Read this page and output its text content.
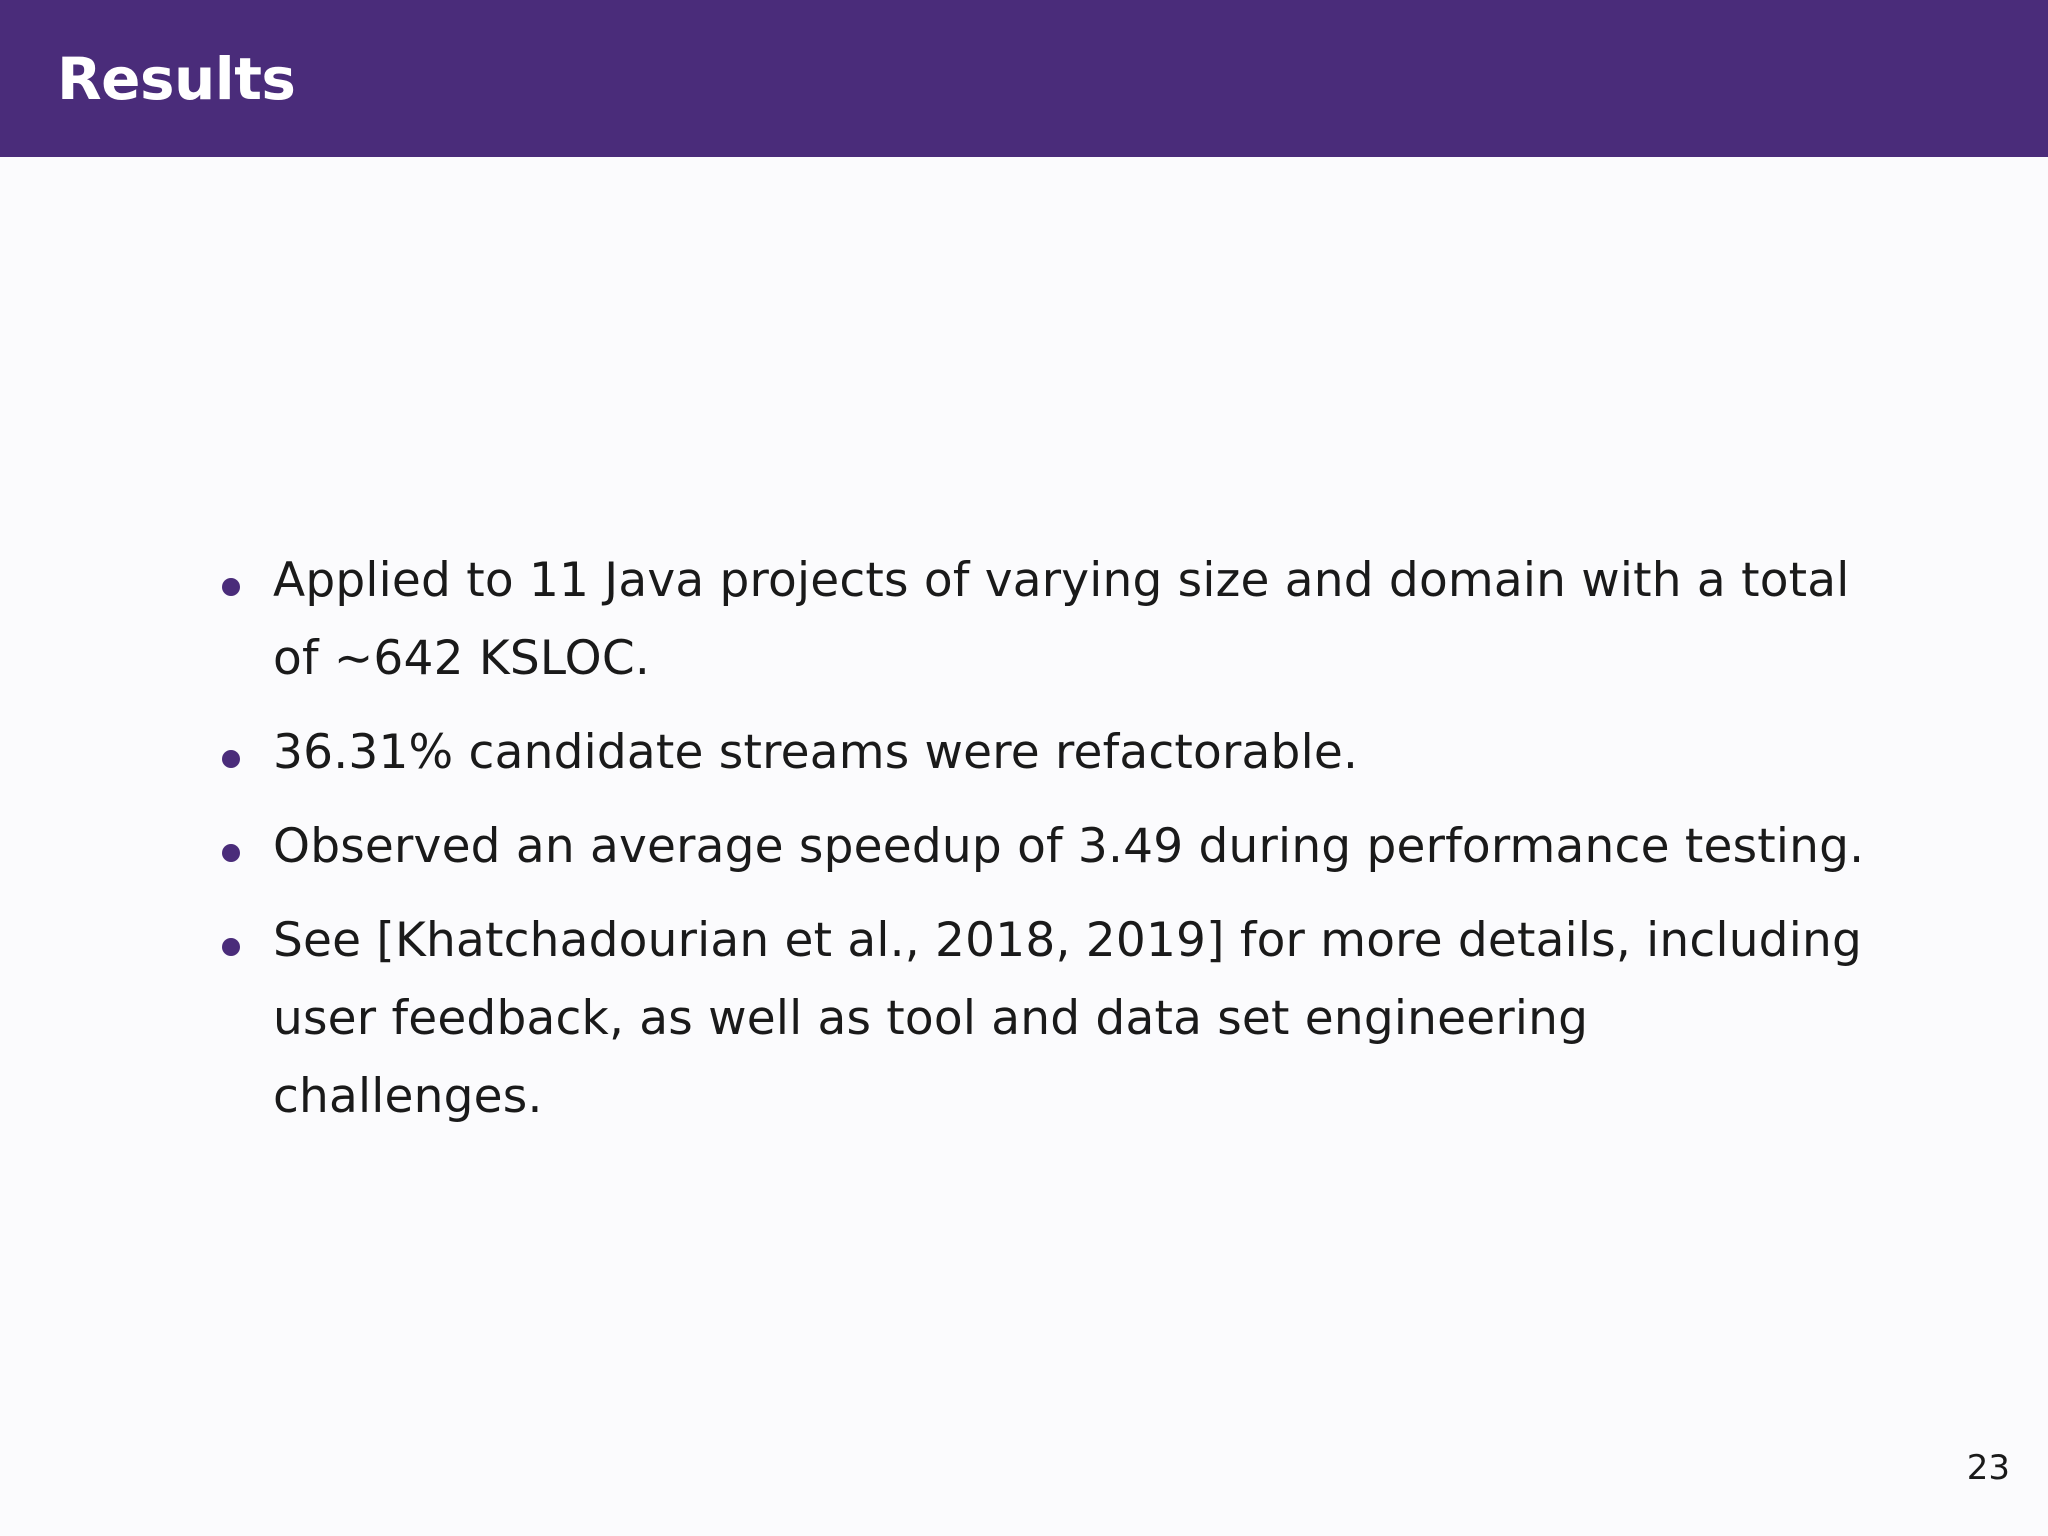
Results
Applied to 11 Java projects of varying size and domain with a total of ∼642 KSLOC.
36.31% candidate streams were refactorable.
Observed an average speedup of 3.49 during performance testing.
See [Khatchadourian et al., 2018, 2019] for more details, including user feedback, as well as tool and data set engineering challenges.
23
